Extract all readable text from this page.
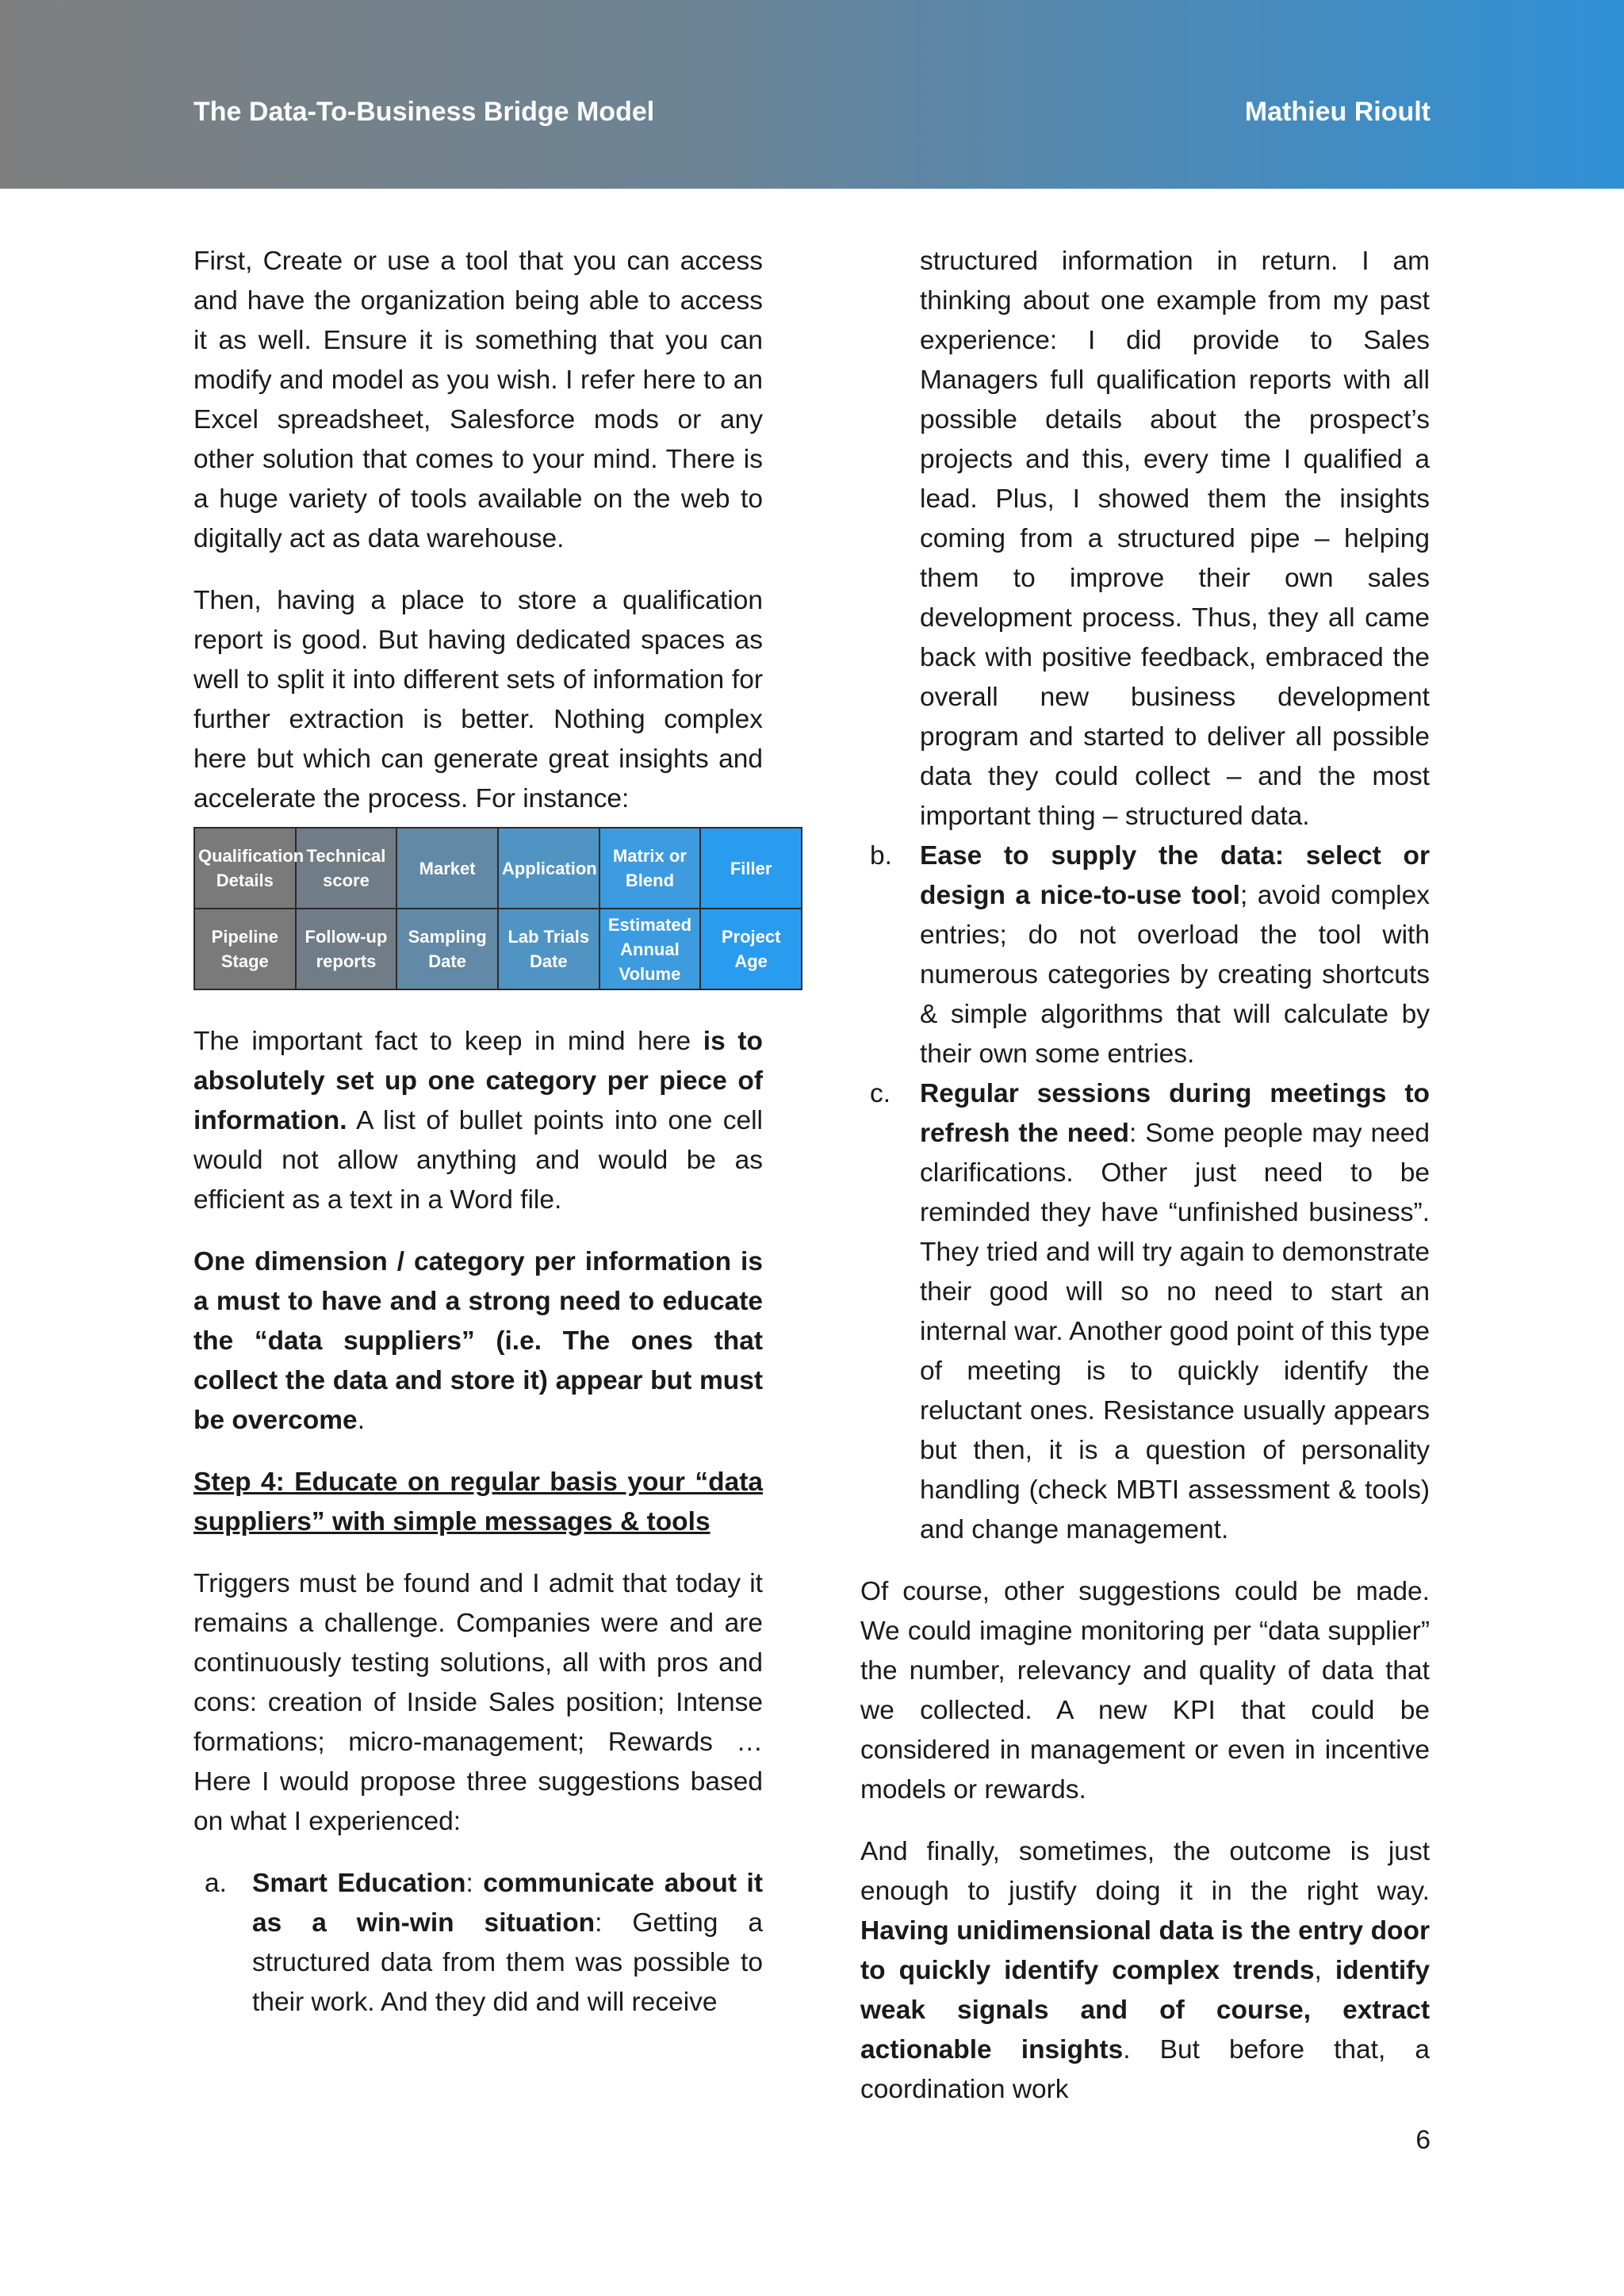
The Data-To-Business Bridge Model	Mathieu Rioult

First, Create or use a tool that you can access and have the organization being able to access it as well. Ensure it is something that you can modify and model as you wish. I refer here to an Excel spreadsheet, Salesforce mods or any other solution that comes to your mind. There is a huge variety of tools available on the web to digitally act as data warehouse.

Then, having a place to store a qualification report is good. But having dedicated spaces as well to split it into different sets of information for further extraction is better. Nothing complex here but which can generate great insights and accelerate the process. For instance:

Qualification Details	Technical score	Market	Application	Matrix or Blend	Filler
Pipeline Stage	Follow-up reports	Sampling Date	Lab Trials Date	Estimated Annual Volume	Project Age

The important fact to keep in mind here is to absolutely set up one category per piece of information. A list of bullet points into one cell would not allow anything and would be as efficient as a text in a Word file.

One dimension / category per information is a must to have and a strong need to educate the “data suppliers” (i.e. The ones that collect the data and store it) appear but must be overcome.

Step 4: Educate on regular basis your “data suppliers” with simple messages & tools

Triggers must be found and I admit that today it remains a challenge. Companies were and are continuously testing solutions, all with pros and cons: creation of Inside Sales position; Intense formations; micro-management; Rewards … Here I would propose three suggestions based on what I experienced:

a. Smart Education: communicate about it as a win-win situation: Getting a structured data from them was possible to their work. And they did and will receive

structured information in return. I am thinking about one example from my past experience: I did provide to Sales Managers full qualification reports with all possible details about the prospect’s projects and this, every time I qualified a lead. Plus, I showed them the insights coming from a structured pipe – helping them to improve their own sales development process. Thus, they all came back with positive feedback, embraced the overall new business development program and started to deliver all possible data they could collect – and the most important thing – structured data.

b. Ease to supply the data: select or design a nice-to-use tool; avoid complex entries; do not overload the tool with numerous categories by creating shortcuts & simple algorithms that will calculate by their own some entries.

c. Regular sessions during meetings to refresh the need: Some people may need clarifications. Other just need to be reminded they have “unfinished business”. They tried and will try again to demonstrate their good will so no need to start an internal war. Another good point of this type of meeting is to quickly identify the reluctant ones. Resistance usually appears but then, it is a question of personality handling (check MBTI assessment & tools) and change management.

Of course, other suggestions could be made. We could imagine monitoring per “data supplier” the number, relevancy and quality of data that we collected. A new KPI that could be considered in management or even in incentive models or rewards.

And finally, sometimes, the outcome is just enough to justify doing it in the right way. Having unidimensional data is the entry door to quickly identify complex trends, identify weak signals and of course, extract actionable insights. But before that, a coordination work

6
